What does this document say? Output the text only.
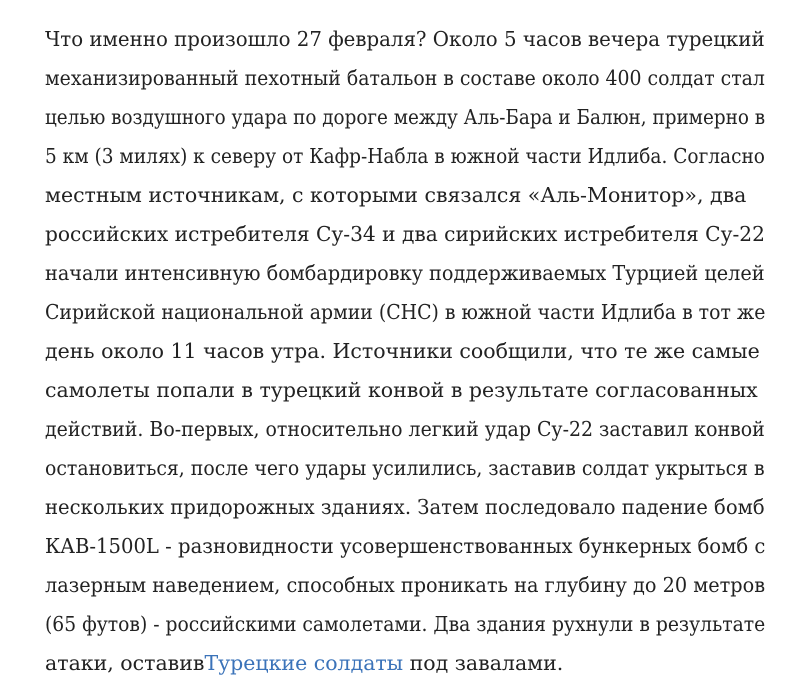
Что именно произошло 27 февраля? Около 5 часов вечера турецкий
механизированный пехотный батальон в составе около 400 солдат стал
целью воздушного удара по дороге между Аль-Бара и Балюн, примерно в
5 км (3 милях) к северу от Кафр-Набла в южной части Идлиба. Согласно
местным источникам, с которыми связался «Аль-Монитор», два
российских истребителя Су-34 и два сирийских истребителя Су-22
начали интенсивную бомбардировку поддерживаемых Турцией целей
Сирийской национальной армии (СНС) в южной части Идлиба в тот же
день около 11 часов утра. Источники сообщили, что те же самые
самолеты попали в турецкий конвой в результате согласованных
действий. Во-первых, относительно легкий удар Су-22 заставил конвой
остановиться, после чего удары усилились, заставив солдат укрыться в
нескольких придорожных зданиях. Затем последовало падение бомб
КАВ-1500L - разновидности усовершенствованных бункерных бомб с
лазерным наведением, способных проникать на глубину до 20 метров
(65 футов) - российскими самолетами. Два здания рухнули в результате
атаки, оставивТурецкие солдаты под завалами.
